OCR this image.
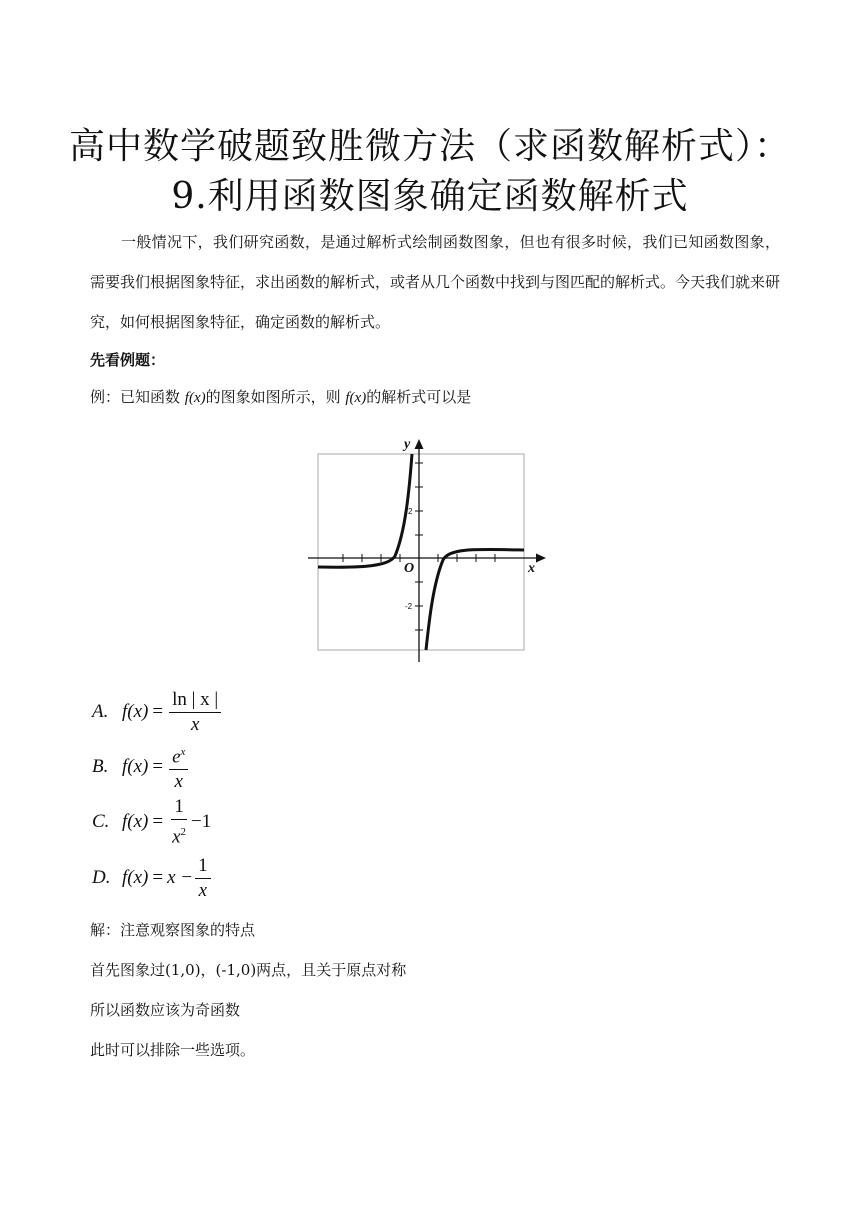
高中数学破题致胜微方法（求函数解析式）：
9.利用函数图象确定函数解析式
一般情况下，我们研究函数，是通过解析式绘制函数图象，但也有很多时候，我们已知函数图象，需要我们根据图象特征，求出函数的解析式，或者从几个函数中找到与图匹配的解析式。今天我们就来研究，如何根据图象特征，确定函数的解析式。
先看例题：
例：已知函数 f(x)的图象如图所示，则 f(x)的解析式可以是
y
x
O
2
-2
A. $f(x) = \frac{\ln | x |}{x}$
B. $f(x) = \frac{e^x}{x}$
C. $f(x) = \frac{1}{x^2} -1$
D. $f(x) = x - \frac{1}{x}$
解：注意观察图象的特点
首先图象过(1,0)，(-1,0)两点，且关于原点对称
所以函数应该为奇函数
此时可以排除一些选项。
